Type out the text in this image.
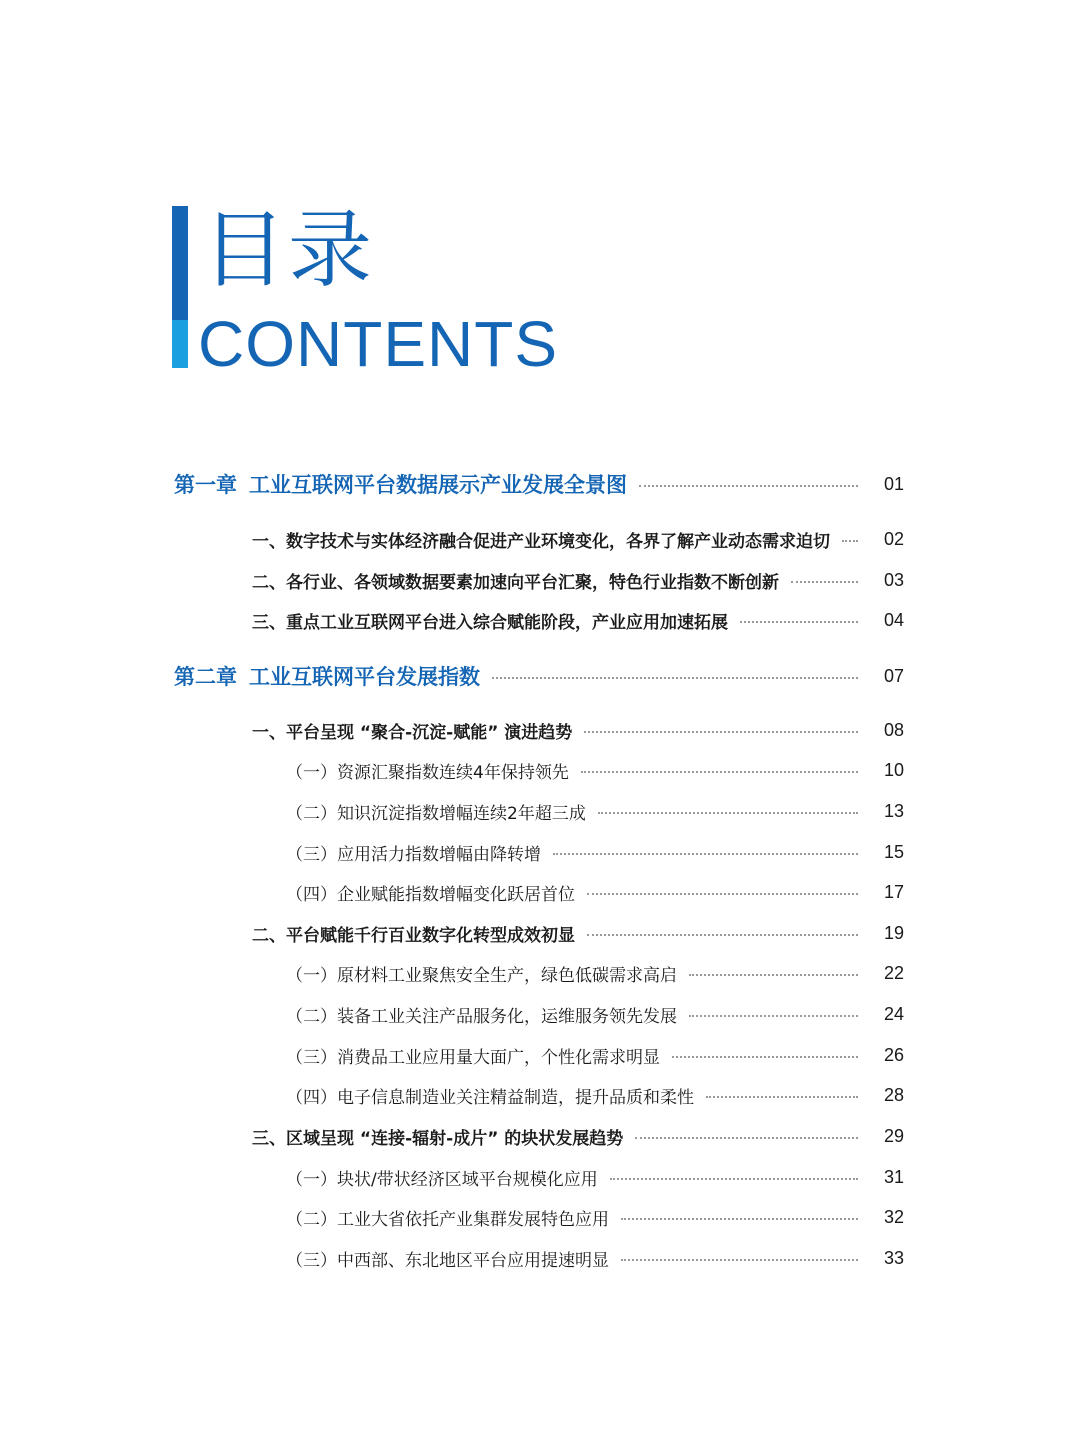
目录
CONTENTS
第一章 工业互联网平台数据展示产业发展全景图	01
一、数字技术与实体经济融合促进产业环境变化，各界了解产业动态需求迫切	02
二、各行业、各领域数据要素加速向平台汇聚，特色行业指数不断创新	03
三、重点工业互联网平台进入综合赋能阶段，产业应用加速拓展	04
第二章 工业互联网平台发展指数	07
一、平台呈现 “聚合-沉淀-赋能” 演进趋势	08
（一）资源汇聚指数连续4年保持领先	10
（二）知识沉淀指数增幅连续2年超三成	13
（三）应用活力指数增幅由降转增	15
（四）企业赋能指数增幅变化跃居首位	17
二、平台赋能千行百业数字化转型成效初显	19
（一）原材料工业聚焦安全生产，绿色低碳需求高启	22
（二）装备工业关注产品服务化，运维服务领先发展	24
（三）消费品工业应用量大面广，个性化需求明显	26
（四）电子信息制造业关注精益制造，提升品质和柔性	28
三、区域呈现 “连接-辐射-成片” 的块状发展趋势	29
（一）块状/带状经济区域平台规模化应用	31
（二）工业大省依托产业集群发展特色应用	32
（三）中西部、东北地区平台应用提速明显	33
